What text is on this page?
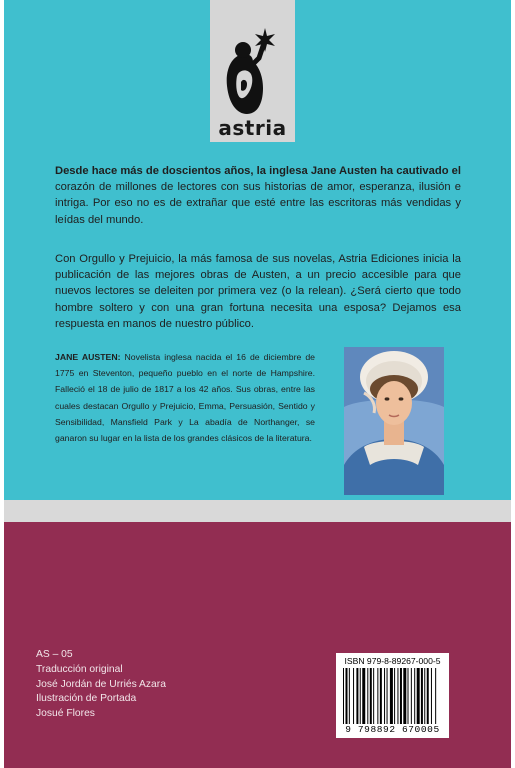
astria
Desde hace más de doscientos años, la inglesa Jane Austen ha cautivado el corazón de millones de lectores con sus historias de amor, esperanza, ilusión e intriga. Por eso no es de extrañar que esté entre las escritoras más vendidas y leídas del mundo.
Con Orgullo y Prejuicio, la más famosa de sus novelas, Astria Ediciones inicia la publicación de las mejores obras de Austen, a un precio accesible para que nuevos lectores se deleiten por primera vez (o la relean). ¿Será cierto que todo hombre soltero y con una gran fortuna necesita una esposa? Dejamos esa respuesta en manos de nuestro público.
JANE AUSTEN: Novelista inglesa nacida el 16 de diciembre de 1775 en Steventon, pequeño pueblo en el norte de Hampshire. Falleció el 18 de julio de 1817 a los 42 años. Sus obras, entre las cuales destacan Orgullo y Prejuicio, Emma, Persuasión, Sentido y Sensibilidad, Mansfield Park y La abadía de Northanger, se ganaron su lugar en la lista de los grandes clásicos de la literatura.
AS – 05
Traducción original
José Jordán de Urriés Azara
Ilustración de Portada
Josué Flores
ISBN 979-8-89267-000-5
9 798892 670005
